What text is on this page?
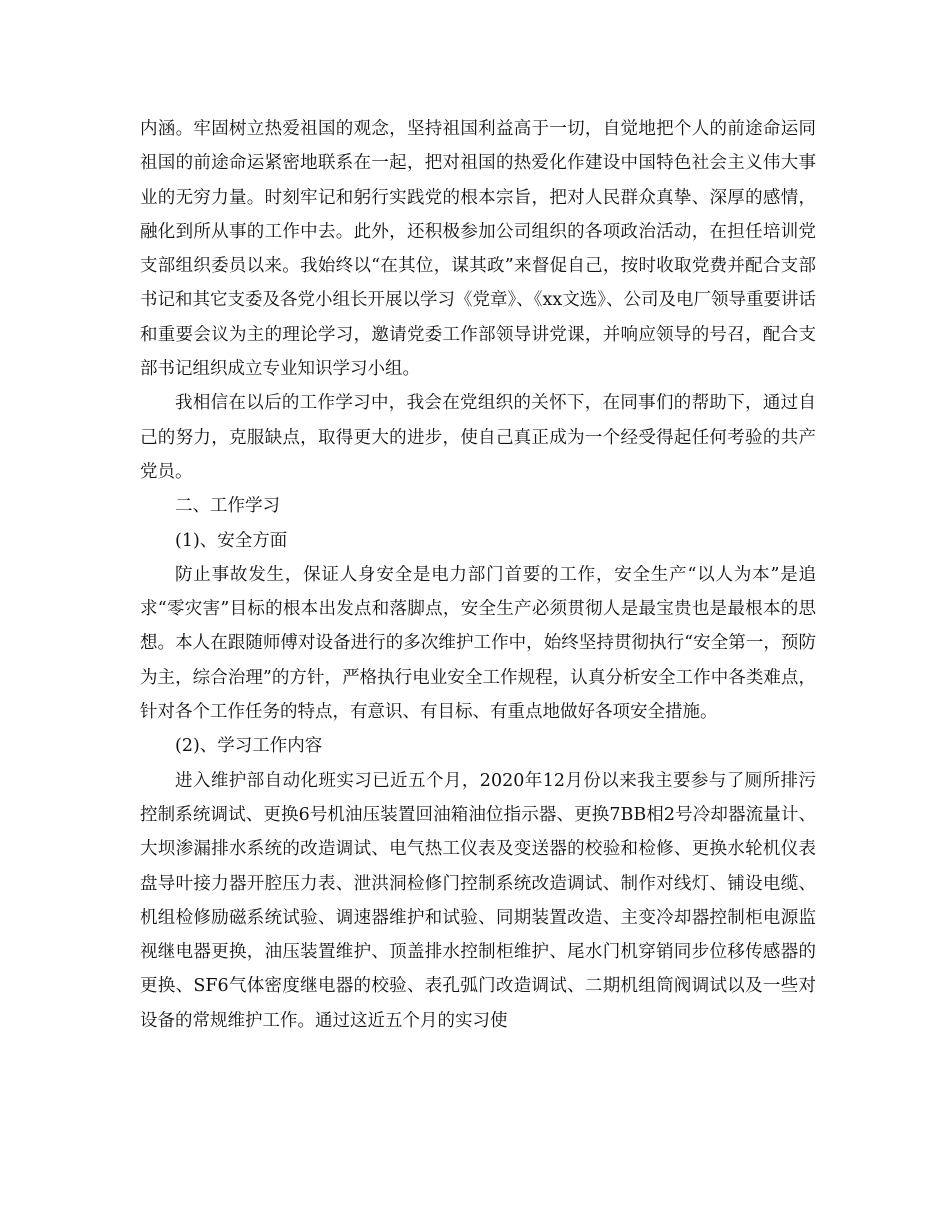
内涵。牢固树立热爱祖国的观念，坚持祖国利益高于一切，自觉地把个人的前途命运同祖国的前途命运紧密地联系在一起，把对祖国的热爱化作建设中国特色社会主义伟大事业的无穷力量。时刻牢记和躬行实践党的根本宗旨，把对人民群众真挚、深厚的感情，融化到所从事的工作中去。此外，还积极参加公司组织的各项政治活动，在担任培训党支部组织委员以来。我始终以“在其位，谋其政”来督促自己，按时收取党费并配合支部书记和其它支委及各党小组长开展以学习《党章》、《xx文选》、公司及电厂领导重要讲话和重要会议为主的理论学习，邀请党委工作部领导讲党课，并响应领导的号召，配合支部书记组织成立专业知识学习小组。

我相信在以后的工作学习中，我会在党组织的关怀下，在同事们的帮助下，通过自己的努力，克服缺点，取得更大的进步，使自己真正成为一个经受得起任何考验的共产党员。

二、工作学习

(1)、安全方面

防止事故发生，保证人身安全是电力部门首要的工作，安全生产“以人为本”是追求“零灾害”目标的根本出发点和落脚点，安全生产必须贯彻人是最宝贵也是最根本的思想。本人在跟随师傅对设备进行的多次维护工作中，始终坚持贯彻执行“安全第一，预防为主，综合治理”的方针，严格执行电业安全工作规程，认真分析安全工作中各类难点，针对各个工作任务的特点，有意识、有目标、有重点地做好各项安全措施。

(2)、学习工作内容

进入维护部自动化班实习已近五个月，2020年12月份以来我主要参与了厕所排污控制系统调试、更换6号机油压装置回油箱油位指示器、更换7BB相2号冷却器流量计、大坝渗漏排水系统的改造调试、电气热工仪表及变送器的校验和检修、更换水轮机仪表盘导叶接力器开腔压力表、泄洪洞检修门控制系统改造调试、制作对线灯、铺设电缆、机组检修励磁系统试验、调速器维护和试验、同期装置改造、主变冷却器控制柜电源监视继电器更换，油压装置维护、顶盖排水控制柜维护、尾水门机穿销同步位移传感器的更换、SF6气体密度继电器的校验、表孔弧门改造调试、二期机组筒阀调试以及一些对设备的常规维护工作。通过这近五个月的实习使
